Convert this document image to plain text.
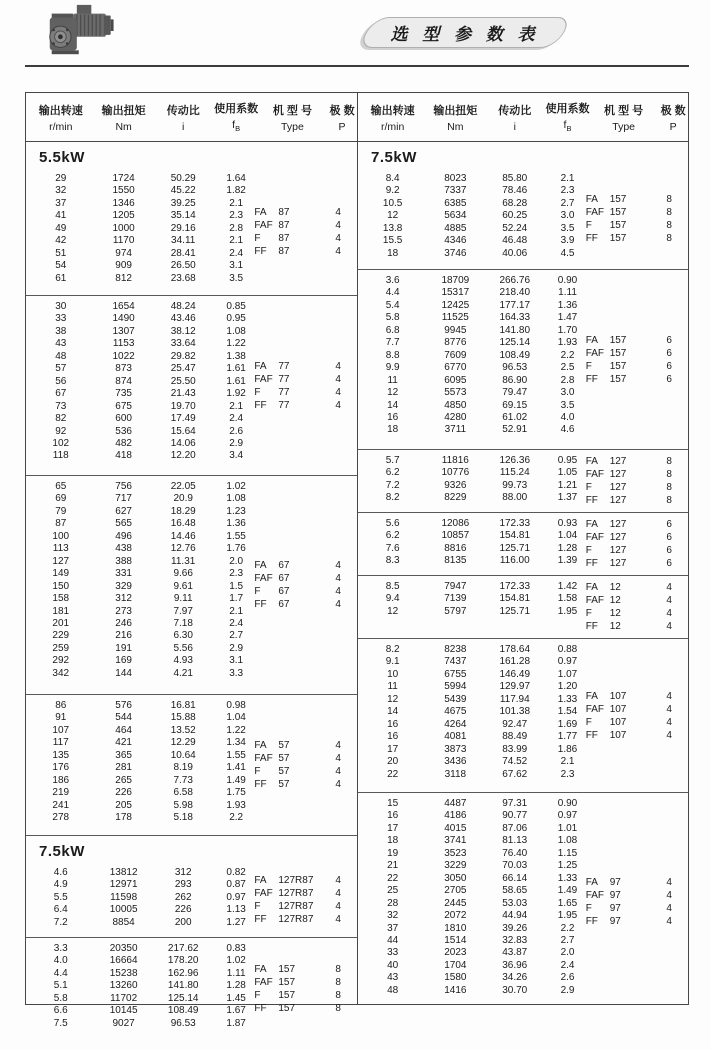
选 型 参 数 表
输出转速
r/min
输出扭矩
Nm
传动比
i
使用系数
$f_B$
机 型 号
Type
极 数
P
5.5kW
29	1724	50.29	1.64
32	1550	45.22	1.82
37	1346	39.25	2.1
41	1205	35.14	2.3
49	1000	29.16	2.8
42	1170	34.11	2.1
51	974	28.41	2.4
54	909	26.50	3.1
61	812	23.68	3.5
FA	87	4
FAF 87	4
F	87	4
FF	87	4
30	1654	48.24	0.85
33	1490	43.46	0.95
38	1307	38.12	1.08
43	1153	33.64	1.22
48	1022	29.82	1.38
57	873	25.47	1.61
56	874	25.50	1.61
67	735	21.43	1.92
73	675	19.70	2.1
82	600	17.49	2.4
92	536	15.64	2.6
102	482	14.06	2.9
118	418	12.20	3.4
FA	77	4
FAF 77	4
F	77	4
FF	77	4
65	756	22.05	1.02
69	717	20.9	1.08
79	627	18.29	1.23
87	565	16.48	1.36
100	496	14.46	1.55
113	438	12.76	1.76
127	388	11.31	2.0
149	331	9.66	2.3
150	329	9.61	1.5
158	312	9.11	1.7
181	273	7.97	2.1
201	246	7.18	2.4
229	216	6.30	2.7
259	191	5.56	2.9
292	169	4.93	3.1
342	144	4.21	3.3
FA	67	4
FAF 67	4
F	67	4
FF	67	4
86	576	16.81	0.98
91	544	15.88	1.04
107	464	13.52	1.22
117	421	12.29	1.34
135	365	10.64	1.55
176	281	8.19	1.41
186	265	7.73	1.49
219	226	6.58	1.75
241	205	5.98	1.93
278	178	5.18	2.2
FA	57	4
FAF 57	4
F	57	4
FF	57	4
7.5kW
4.6	13812	312	0.82
4.9	12971	293	0.87
5.5	11598	262	0.97
6.4	10005	226	1.13
7.2	8854	200	1.27
FA	127R87 4
FAF 127R87 4
F	127R87 4
FF	127R87 4
3.3	20350	217.62	0.83
4.0	16664	178.20	1.02
4.4	15238	162.96	1.11
5.1	13260	141.80	1.28
5.8	11702	125.14	1.45
6.6	10145	108.49	1.67
7.5	9027	96.53	1.87
FA	157	8
FAF 157	8
F	157	8
FF	157	8
输出转速
r/min
输出扭矩
Nm
传动比
i
使用系数
$f_B$
机 型 号
Type
极 数
P
7.5kW
8.4	8023	85.80	2.1
9.2	7337	78.46	2.3
10.5	6385	68.28	2.7
12	5634	60.25	3.0
13.8	4885	52.24	3.5
15.5	4346	46.48	3.9
18	3746	40.06	4.5
FA	157	8
FAF 157	8
F	157	8
FF	157	8
3.6	18709	266.76	0.90
4.4	15317	218.40	1.11
5.4	12425	177.17	1.36
5.8	11525	164.33	1.47
6.8	9945	141.80	1.70
7.7	8776	125.14	1.93
8.8	7609	108.49	2.2
9.9	6770	96.53	2.5
11	6095	86.90	2.8
12	5573	79.47	3.0
14	4850	69.15	3.5
16	4280	61.02	4.0
18	3711	52.91	4.6
FA	157	6
FAF 157	6
F	157	6
FF	157	6
5.7	11816	126.36	0.95
6.2	10776	115.24	1.05
7.2	9326	99.73	1.21
8.2	8229	88.00	1.37
FA	127	8
FAF 127	8
F	127	8
FF	127	8
5.6	12086	172.33	0.93
6.2	10857	154.81	1.04
7.6	8816	125.71	1.28
8.3	8135	116.00	1.39
FA	127	6
FAF 127	6
F	127	6
FF	127	6
8.5	7947	172.33	1.42
9.4	7139	154.81	1.58
12	5797	125.71	1.95
FA	12	4
FAF 12	4
F	12	4
FF	12	4
8.2	8238	178.64	0.88
9.1	7437	161.28	0.97
10	6755	146.49	1.07
11	5994	129.97	1.20
12	5439	117.94	1.33
14	4675	101.38	1.54
16	4264	92.47	1.69
16	4081	88.49	1.77
17	3873	83.99	1.86
20	3436	74.52	2.1
22	3118	67.62	2.3
FA	107	4
FAF 107	4
F	107	4
FF	107	4
15	4487	97.31	0.90
16	4186	90.77	0.97
17	4015	87.06	1.01
18	3741	81.13	1.08
19	3523	76.40	1.15
21	3229	70.03	1.25
22	3050	66.14	1.33
25	2705	58.65	1.49
28	2445	53.03	1.65
32	2072	44.94	1.95
37	1810	39.26	2.2
44	1514	32.83	2.7
33	2023	43.87	2.0
40	1704	36.96	2.4
43	1580	34.26	2.6
48	1416	30.70	2.9
FA	97	4
FAF 97	4
F	97	4
FF	97	4
